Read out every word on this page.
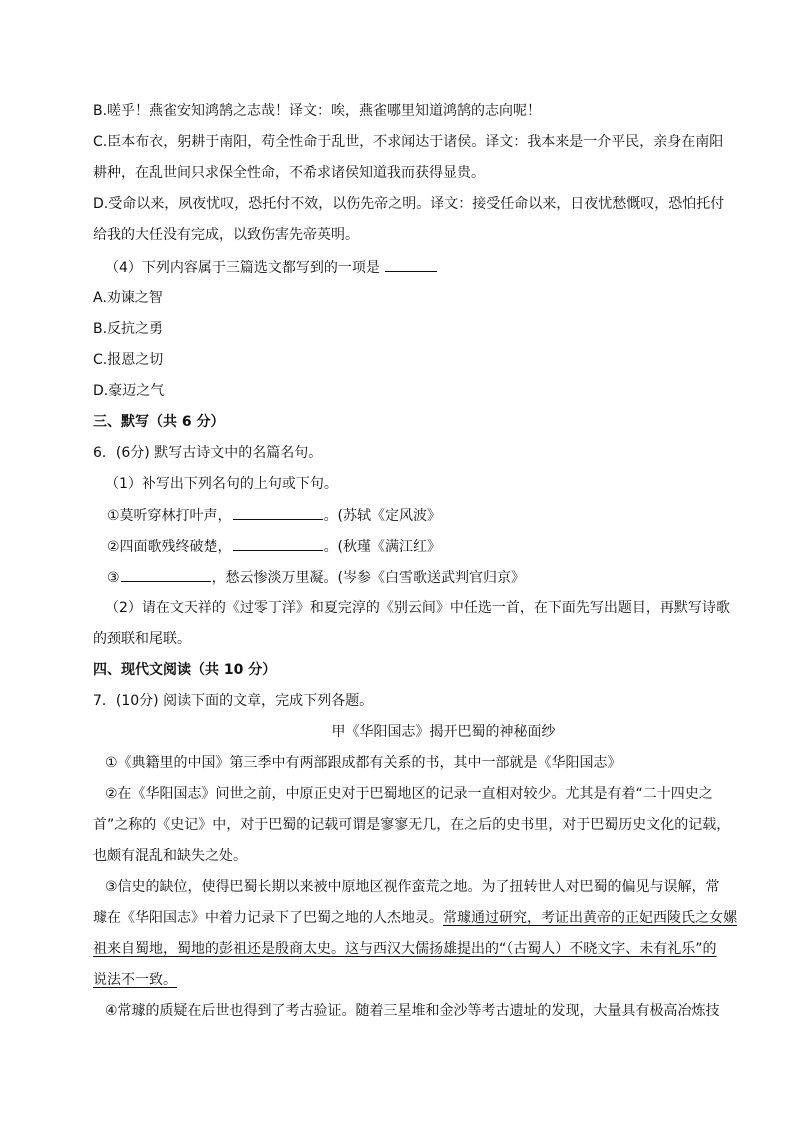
B.嗟乎！燕雀安知鸿鹄之志哉！译文：唉，燕雀哪里知道鸿鹄的志向呢！
C.臣本布衣，躬耕于南阳，苟全性命于乱世，不求闻达于诸侯。译文：我本来是一介平民，亲身在南阳
耕种，在乱世间只求保全性命，不希求诸侯知道我而获得显贵。
D.受命以来，夙夜忧叹，恐托付不效，以伤先帝之明。译文：接受任命以来，日夜忧愁慨叹，恐怕托付
给我的大任没有完成，以致伤害先帝英明。
（4）下列内容属于三篇选文都写到的一项是
A.劝谏之智
B.反抗之勇
C.报恩之切
D.豪迈之气
三、默写（共 6 分）
6．(6分) 默写古诗文中的名篇名句。
（1）补写出下列名句的上句或下句。
①莫听穿林打叶声，	。(苏轼《定风波》
②四面歌残终破楚，	。(秋瑾《满江红》
③	，愁云惨淡万里凝。(岑参《白雪歌送武判官归京》
（2）请在文天祥的《过零丁洋》和夏完淳的《别云间》中任选一首，在下面先写出题目，再默写诗歌
的颈联和尾联。
四、现代文阅读（共 10 分）
7．(10分) 阅读下面的文章，完成下列各题。
甲《华阳国志》揭开巴蜀的神秘面纱
①《典籍里的中国》第三季中有两部跟成都有关系的书，其中一部就是《华阳国志》
②在《华阳国志》问世之前，中原正史对于巴蜀地区的记录一直相对较少。尤其是有着“二十四史之
首”之称的《史记》中，对于巴蜀的记载可谓是寥寥无几，在之后的史书里，对于巴蜀历史文化的记载，
也颇有混乱和缺失之处。
③信史的缺位，使得巴蜀长期以来被中原地区视作蛮荒之地。为了扭转世人对巴蜀的偏见与误解，常
璩在《华阳国志》中着力记录下了巴蜀之地的人杰地灵。常璩通过研究，考证出黄帝的正妃西陵氏之女嫘
祖来自蜀地，蜀地的彭祖还是殷商太史。这与西汉大儒扬雄提出的“（古蜀人）不晓文字、未有礼乐”的
说法不一致。
④常璩的质疑在后世也得到了考古验证。随着三星堆和金沙等考古遗址的发现，大量具有极高冶炼技
